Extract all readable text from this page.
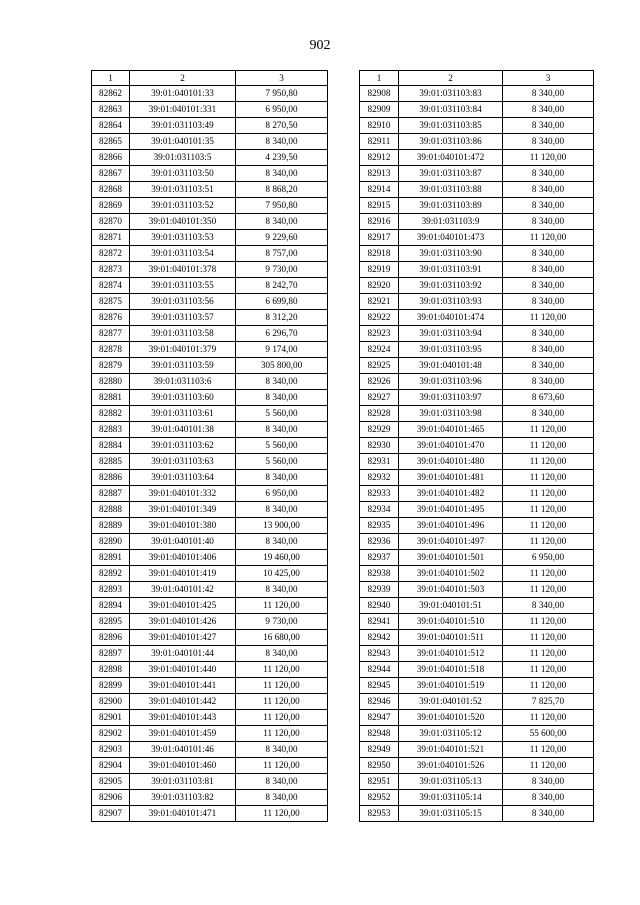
902
1	2	3
82862	39:01:040101:33	7 950,80
82863	39:01:040101:331	6 950,00
82864	39:01:031103:49	8 270,50
82865	39:01:040101:35	8 340,00
82866	39:01:031103:5	4 239,50
82867	39:01:031103:50	8 340,00
82868	39:01:031103:51	8 868,20
82869	39:01:031103:52	7 950,80
82870	39:01:040101:350	8 340,00
82871	39:01:031103:53	9 229,60
82872	39:01:031103:54	8 757,00
82873	39:01:040101:378	9 730,00
82874	39:01:031103:55	8 242,70
82875	39:01:031103:56	6 699,80
82876	39:01:031103:57	8 312,20
82877	39:01:031103:58	6 296,70
82878	39:01:040101:379	9 174,00
82879	39:01:031103:59	305 800,00
82880	39:01:031103:6	8 340,00
82881	39:01:031103:60	8 340,00
82882	39:01:031103:61	5 560,00
82883	39:01:040101:38	8 340,00
82884	39:01:031103:62	5 560,00
82885	39:01:031103:63	5 560,00
82886	39:01:031103:64	8 340,00
82887	39:01:040101:332	6 950,00
82888	39:01:040101:349	8 340,00
82889	39:01:040101:380	13 900,00
82890	39:01:040101:40	8 340,00
82891	39:01:040101:406	19 460,00
82892	39:01:040101:419	10 425,00
82893	39:01:040101:42	8 340,00
82894	39:01:040101:425	11 120,00
82895	39:01:040101:426	9 730,00
82896	39:01:040101:427	16 680,00
82897	39:01:040101:44	8 340,00
82898	39:01:040101:440	11 120,00
82899	39:01:040101:441	11 120,00
82900	39:01:040101:442	11 120,00
82901	39:01:040101:443	11 120,00
82902	39:01:040101:459	11 120,00
82903	39:01:040101:46	8 340,00
82904	39:01:040101:460	11 120,00
82905	39:01:031103:81	8 340,00
82906	39:01:031103:82	8 340,00
82907	39:01:040101:471	11 120,00
1	2	3
82908	39:01:031103:83	8 340,00
82909	39:01:031103:84	8 340,00
82910	39:01:031103:85	8 340,00
82911	39:01:031103:86	8 340,00
82912	39:01:040101:472	11 120,00
82913	39:01:031103:87	8 340,00
82914	39:01:031103:88	8 340,00
82915	39:01:031103:89	8 340,00
82916	39:01:031103:9	8 340,00
82917	39:01:040101:473	11 120,00
82918	39:01:031103:90	8 340,00
82919	39:01:031103:91	8 340,00
82920	39:01:031103:92	8 340,00
82921	39:01:031103:93	8 340,00
82922	39:01:040101:474	11 120,00
82923	39:01:031103:94	8 340,00
82924	39:01:031103:95	8 340,00
82925	39:01:040101:48	8 340,00
82926	39:01:031103:96	8 340,00
82927	39:01:031103:97	8 673,60
82928	39:01:031103:98	8 340,00
82929	39:01:040101:465	11 120,00
82930	39:01:040101:470	11 120,00
82931	39:01:040101:480	11 120,00
82932	39:01:040101:481	11 120,00
82933	39:01:040101:482	11 120,00
82934	39:01:040101:495	11 120,00
82935	39:01:040101:496	11 120,00
82936	39:01:040101:497	11 120,00
82937	39:01:040101:501	6 950,00
82938	39:01:040101:502	11 120,00
82939	39:01:040101:503	11 120,00
82940	39:01:040101:51	8 340,00
82941	39:01:040101:510	11 120,00
82942	39:01:040101:511	11 120,00
82943	39:01:040101:512	11 120,00
82944	39:01:040101:518	11 120,00
82945	39:01:040101:519	11 120,00
82946	39:01:040101:52	7 825,70
82947	39:01:040101:520	11 120,00
82948	39:01:031105:12	55 600,00
82949	39:01:040101:521	11 120,00
82950	39:01:040101:526	11 120,00
82951	39:01:031105:13	8 340,00
82952	39:01:031105:14	8 340,00
82953	39:01:031105:15	8 340,00
